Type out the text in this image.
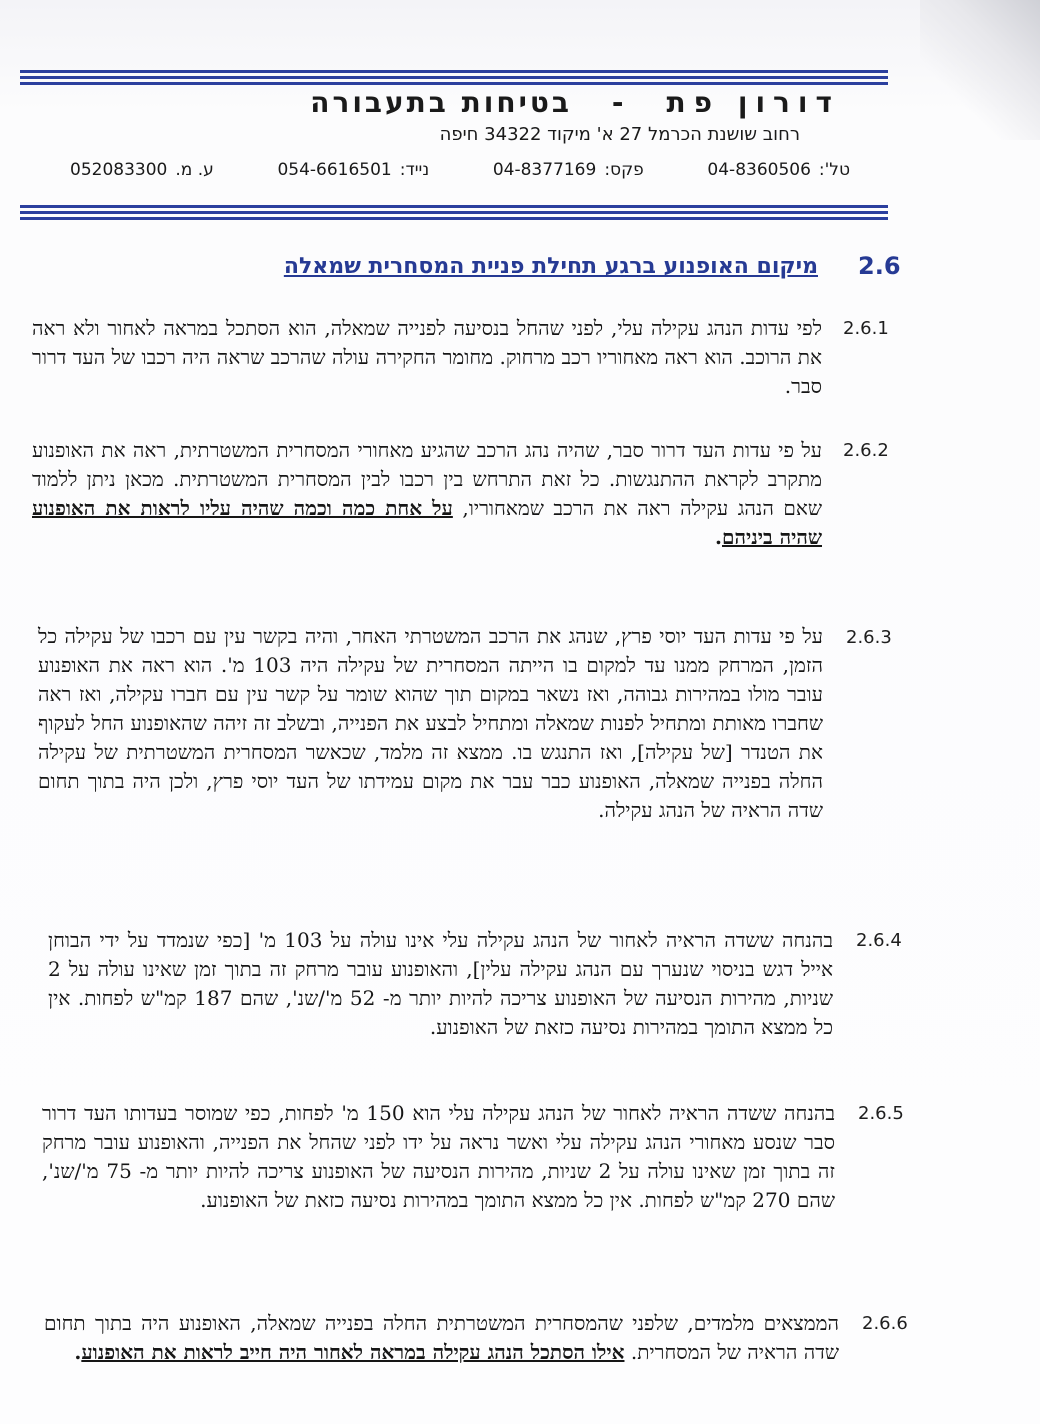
דורון פת-בטיחות בתעבורה
רחוב שושנת הכרמל 27 א' מיקוד 34322 חיפה
טל':
04-8360506
פקס:
04-8377169
נייד:
054-6616501
ע. מ.
052083300
2.6
מיקום האופנוע ברגע תחילת פניית המסחרית שמאלה
2.6.1
לפי עדות הנהג עקילה עלי, לפני שהחל בנסיעה לפנייה שמאלה, הוא הסתכל במראה לאחור ולא ראה את הרוכב. הוא ראה מאחוריו רכב מרחוק. מחומר החקירה עולה שהרכב שראה היה רכבו של העד דרור סבר.
2.6.2
על פי עדות העד דרור סבר, שהיה נהג הרכב שהגיע מאחורי המסחרית המשטרתית, ראה את האופנוע מתקרב לקראת ההתנגשות. כל זאת התרחש בין רכבו לבין המסחרית המשטרתית. מכאן ניתן ללמוד שאם הנהג עקילה ראה את הרכב שמאחוריו, על אחת כמה וכמה שהיה עליו לראות את האופנוע שהיה ביניהם.
2.6.3
על פי עדות העד יוסי פרץ, שנהג את הרכב המשטרתי האחר, והיה בקשר עין עם רכבו של עקילה כל הזמן, המרחק ממנו עד למקום בו הייתה המסחרית של עקילה היה 103 מ'. הוא ראה את האופנוע עובר מולו במהירות גבוהה, ואז נשאר במקום תוך שהוא שומר על קשר עין עם חברו עקילה, ואז ראה שחברו מאותת ומתחיל לפנות שמאלה ומתחיל לבצע את הפנייה, ובשלב זה זיהה שהאופנוע החל לעקוף את הטנדר [של עקילה], ואז התנגש בו. ממצא זה מלמד, שכאשר המסחרית המשטרתית של עקילה החלה בפנייה שמאלה, האופנוע כבר עבר את מקום עמידתו של העד יוסי פרץ, ולכן היה בתוך תחום שדה הראיה של הנהג עקילה.
2.6.4
בהנחה ששדה הראיה לאחור של הנהג עקילה עלי אינו עולה על 103 מ' [כפי שנמדד על ידי הבוחן אייל דגש בניסוי שנערך עם הנהג עקילה עלין], והאופנוע עובר מרחק זה בתוך זמן שאינו עולה על 2 שניות, מהירות הנסיעה של האופנוע צריכה להיות יותר מ- 52 מ'/שנ', שהם 187 קמ"ש לפחות. אין כל ממצא התומך במהירות נסיעה כזאת של האופנוע.
2.6.5
בהנחה ששדה הראיה לאחור של הנהג עקילה עלי הוא 150 מ' לפחות, כפי שמוסר בעדותו העד דרור סבר שנסע מאחורי הנהג עקילה עלי ואשר נראה על ידו לפני שהחל את הפנייה, והאופנוע עובר מרחק זה בתוך זמן שאינו עולה על 2 שניות, מהירות הנסיעה של האופנוע צריכה להיות יותר מ- 75 מ'/שנ', שהם 270 קמ"ש לפחות. אין כל ממצא התומך במהירות נסיעה כזאת של האופנוע.
2.6.6
הממצאים מלמדים, שלפני שהמסחרית המשטרתית החלה בפנייה שמאלה, האופנוע היה בתוך תחום שדה הראיה של המסחרית. אילו הסתכל הנהג עקילה במראה לאחור היה חייב לראות את האופנוע.
